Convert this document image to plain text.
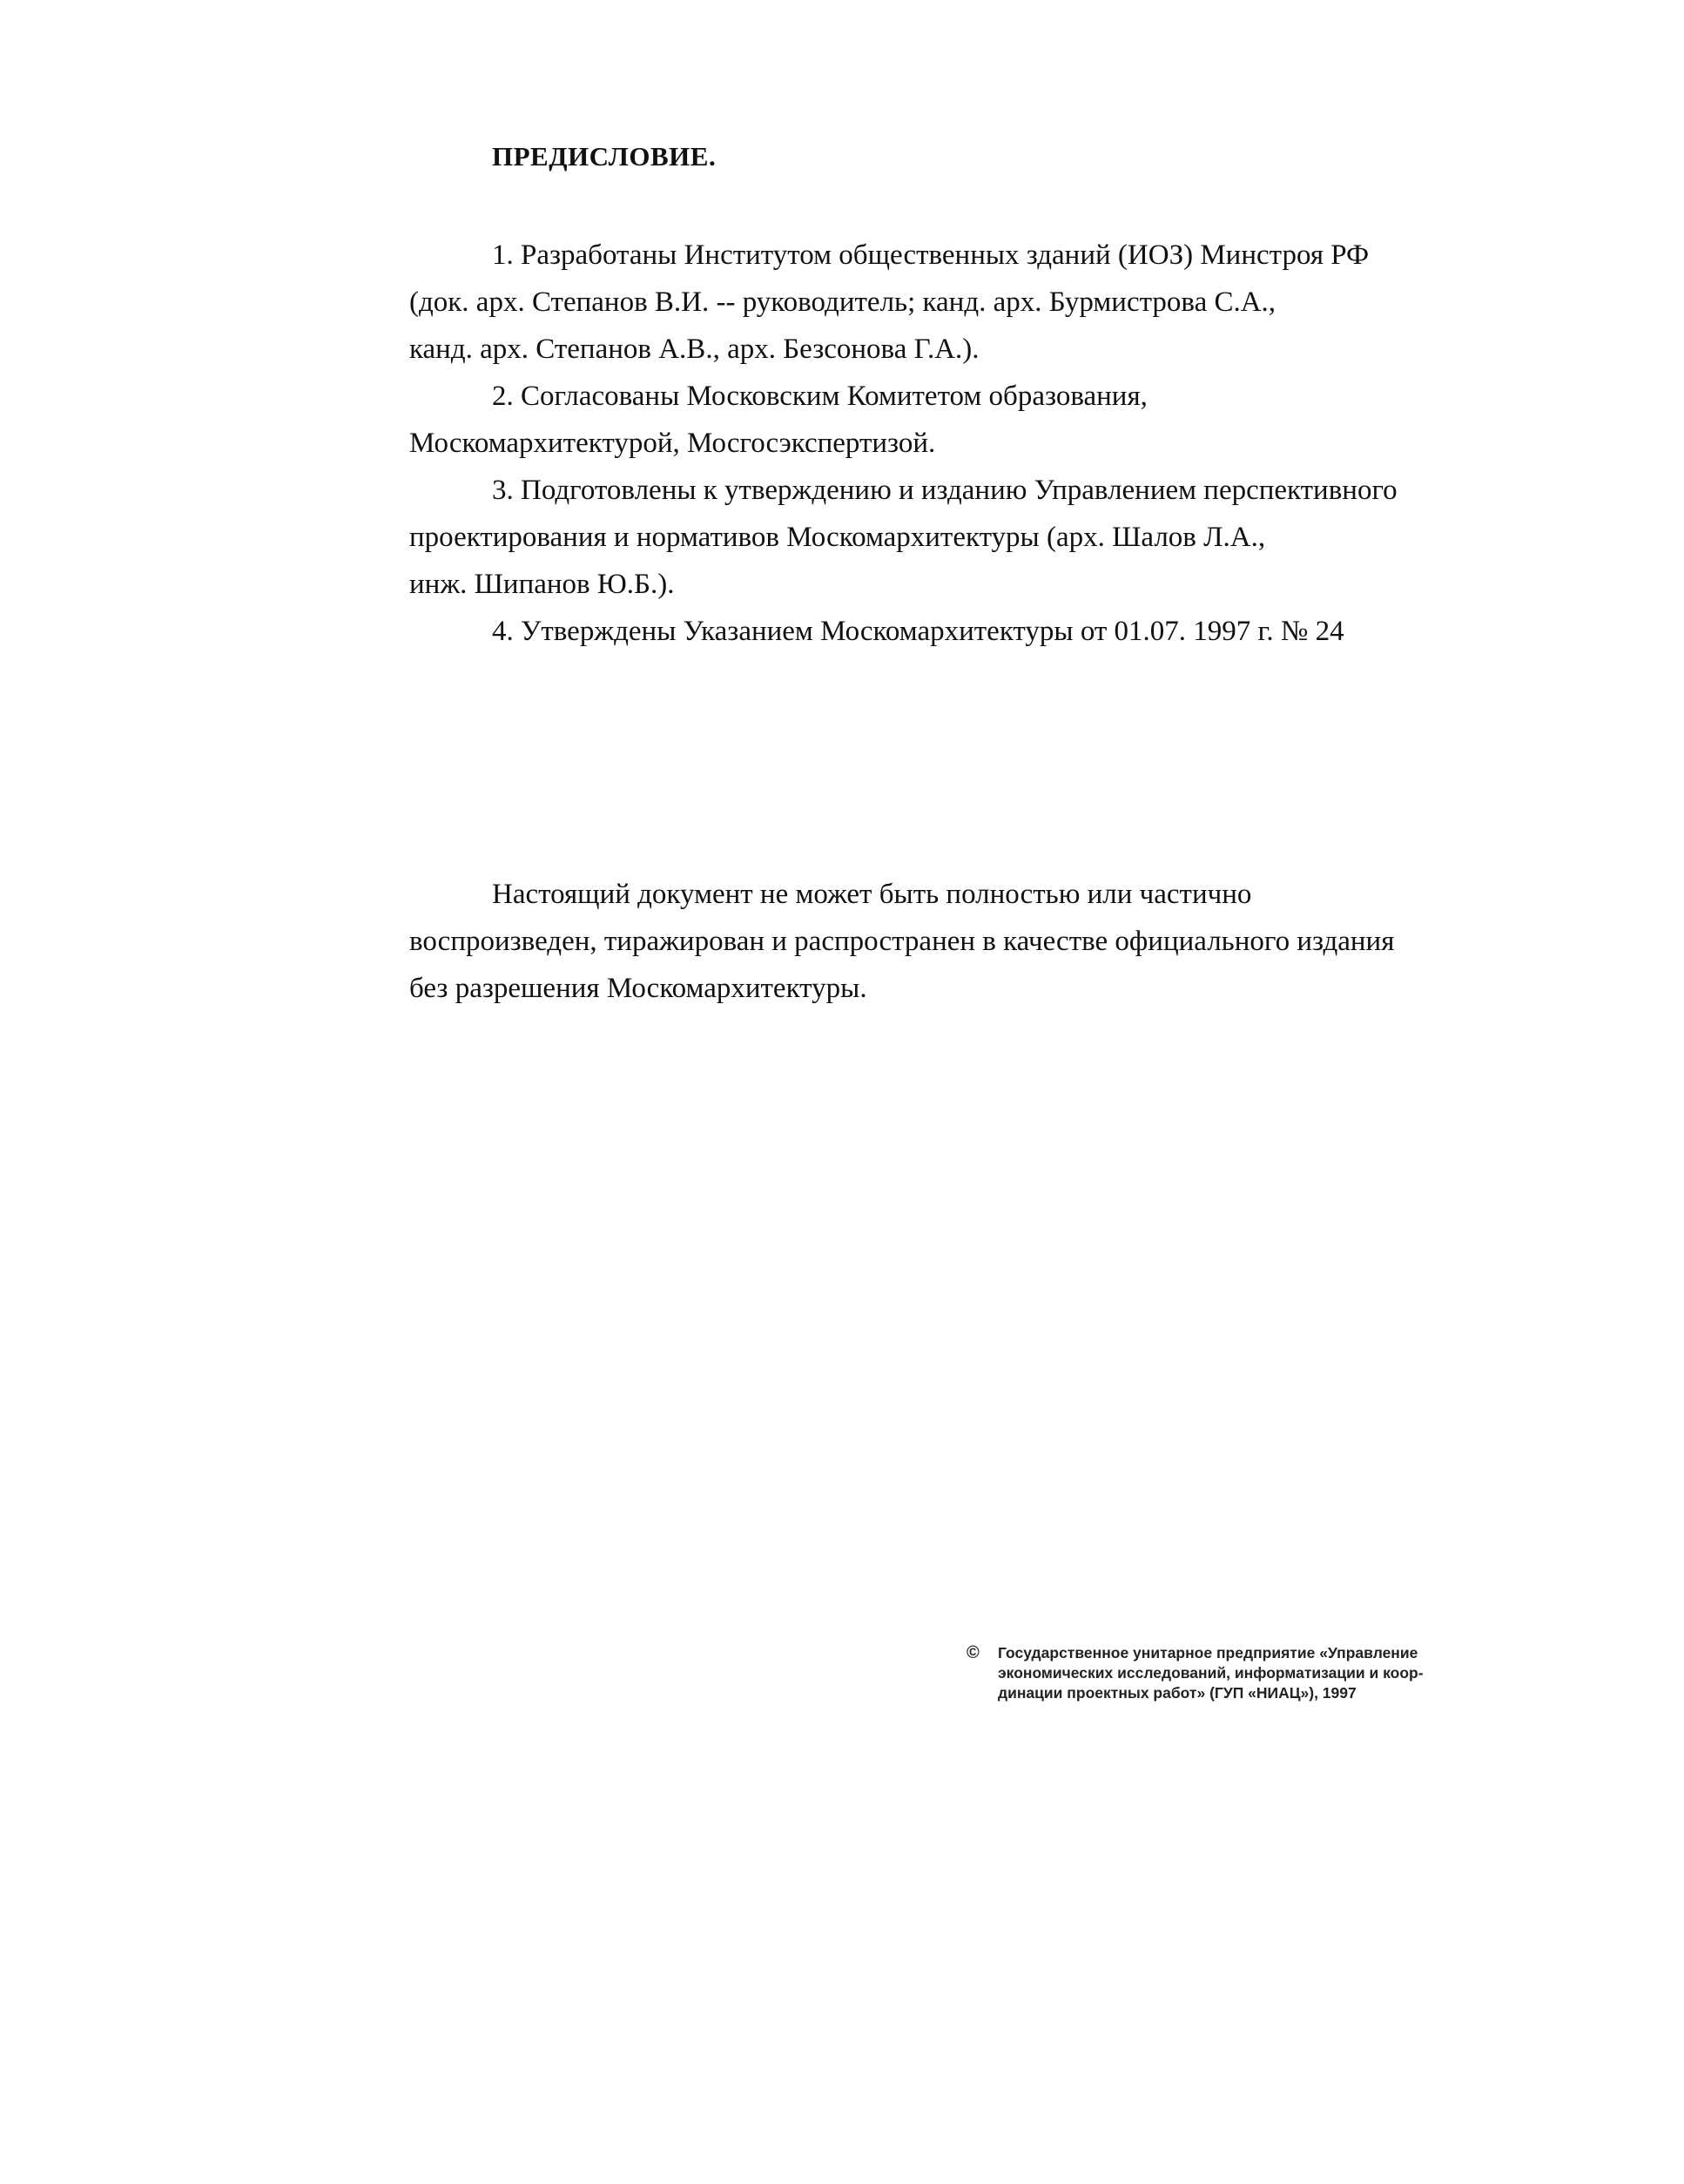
ПРЕДИСЛОВИЕ.

1. Разработаны Институтом общественных зданий (ИОЗ) Минстроя РФ

(док. арх. Степанов В.И. -- руководитель; канд. арх. Бурмистрова С.А.,

канд. арх. Степанов А.В., арх. Безсонова Г.А.).

2. Согласованы Московским Комитетом образования,

Москомархитектурой, Мосгосэкспертизой.

3. Подготовлены к утверждению и изданию Управлением перспективного

проектирования и нормативов Москомархитектуры (арх. Шалов Л.А.,

инж. Шипанов Ю.Б.).

4. Утверждены Указанием Москомархитектуры от 01.07. 1997 г. № 24

Настоящий документ не может быть полностью или частично

воспроизведен, тиражирован и распространен в качестве официального издания

без разрешения Москомархитектуры.

© Государственное унитарное предприятие «Управление

экономических исследований, информатизации и коор-

динации проектных работ» (ГУП «НИАЦ»), 1997
